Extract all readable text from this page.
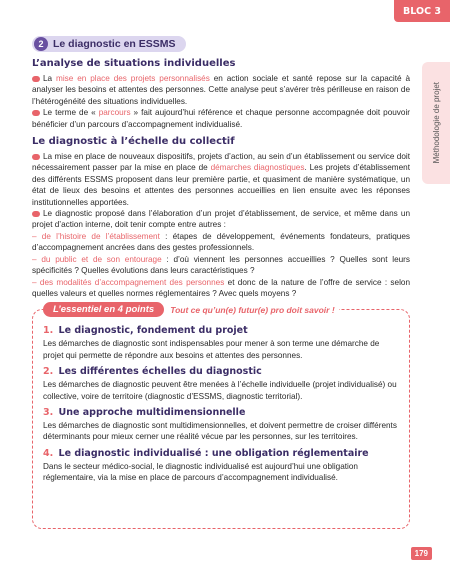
BLOC 3
Méthodologie de projet
2 Le diagnostic en ESSMS
L’analyse de situations individuelles

La mise en place des projets personnalisés en action sociale et santé repose sur la capacité à analyser les besoins et attentes des personnes. Cette analyse peut s’avérer très périlleuse en raison de l’hétérogénéité des situations individuelles.

Le terme de « parcours » fait aujourd’hui référence et chaque personne accompagnée doit pouvoir bénéficier d’un parcours d’accompagnement individualisé.

Le diagnostic à l’échelle du collectif

La mise en place de nouveaux dispositifs, projets d’action, au sein d’un établissement ou service doit nécessairement passer par la mise en place de démarches diagnostiques. Les projets d’établissement des différents ESSMS proposent dans leur première partie, et quasiment de manière systématique, un état de lieux des besoins et attentes des personnes accueillies en lien ensuite avec les réponses institutionnelles apportées.

Le diagnostic proposé dans l’élaboration d’un projet d’établissement, de service, et même dans un projet d’action interne, doit tenir compte entre autres :

– de l’histoire de l’établissement : étapes de développement, événements fondateurs, pratiques d’accompagnement ancrées dans des gestes professionnels.

– du public et de son entourage : d’où viennent les personnes accueillies ? Quelles sont leurs spécificités ? Quelles évolutions dans leurs caractéristiques ?

– des modalités d’accompagnement des personnes et donc de la nature de l’offre de service : selon quelles valeurs et quelles normes réglementaires ? Avec quels moyens ?

L’essentiel en 4 points	Tout ce qu’un(e) futur(e) pro doit savoir !
1. Le diagnostic, fondement du projet

Les démarches de diagnostic sont indispensables pour mener à son terme une démarche de projet qui permette de répondre aux besoins et attentes des personnes.

2. Les différentes échelles du diagnostic

Les démarches de diagnostic peuvent être menées à l’échelle individuelle (projet individualisé) ou collective, voire de territoire (diagnostic d’ESSMS, diagnostic territorial).

3. Une approche multidimensionnelle

Les démarches de diagnostic sont multidimensionnelles, et doivent permettre de croiser différents déterminants pour mieux cerner une réalité vécue par les personnes, sur les territoires.

4. Le diagnostic individualisé : une obligation réglementaire

Dans le secteur médico-social, le diagnostic individualisé est aujourd’hui une obligation réglementaire, via la mise en place de parcours d’accompagnement individualisé.

179
